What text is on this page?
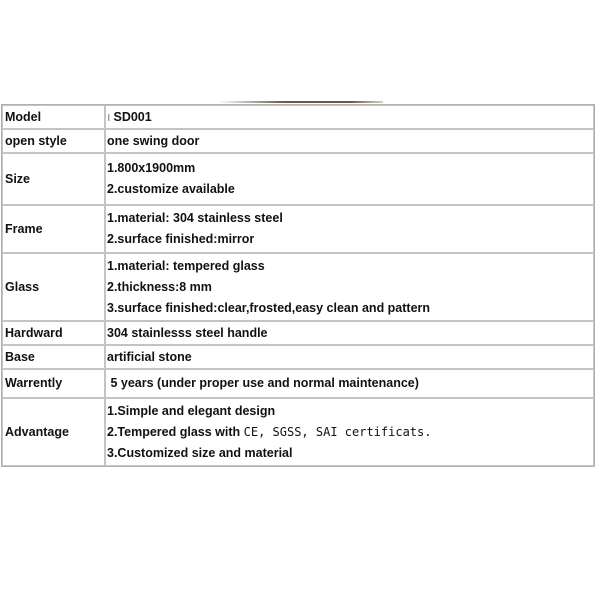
Model	ı SD001
open style	one swing door
Size	1.800x1900mm
2.customize available

Frame	1.material: 304 stainless steel
2.surface finished:mirror

Glass	1.material: tempered glass
2.thickness:8 mm
3.surface finished:clear,frosted,easy clean and pattern

Hardward	304 stainlesss steel handle
Base	artificial stone
Warrently	5 years (under proper use and normal maintenance)
Advantage	1.Simple and elegant design
2.Tempered glass with CE, SGSS, SAI certificats.
3.Customized size and material
